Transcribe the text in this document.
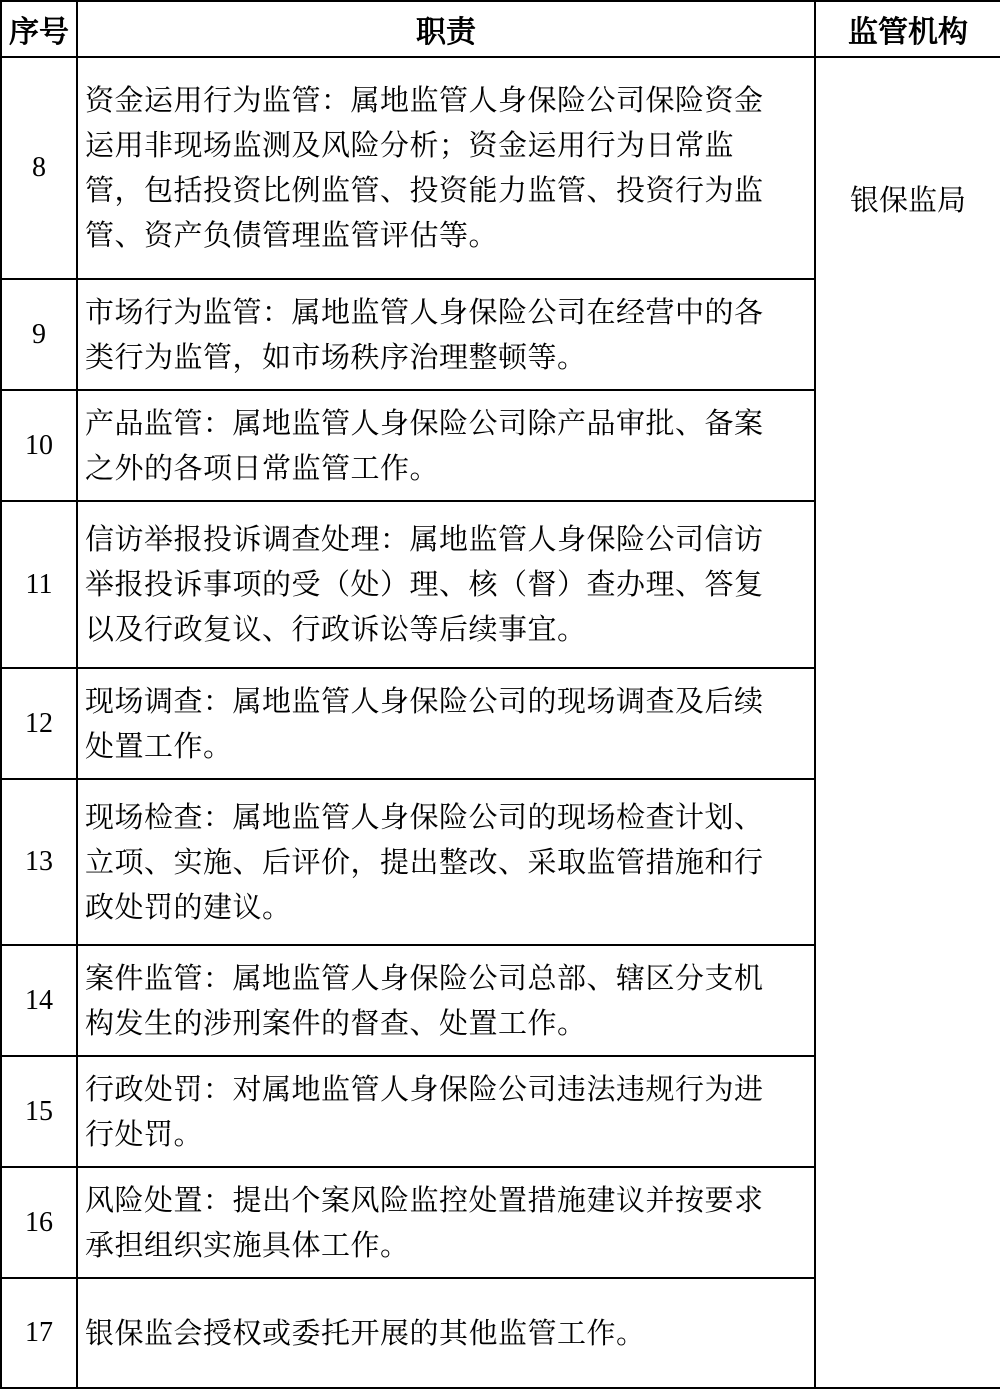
序号	职责	监管机构
8	资金运用行为监管：属地监管人身保险公司保险资金运用非现场监测及风险分析；资金运用行为日常监管，包括投资比例监管、投资能力监管、投资行为监管、资产负债管理监管评估等。	银保监局
9	市场行为监管：属地监管人身保险公司在经营中的各类行为监管，如市场秩序治理整顿等。	
10	产品监管：属地监管人身保险公司除产品审批、备案之外的各项日常监管工作。	
11	信访举报投诉调查处理：属地监管人身保险公司信访举报投诉事项的受（处）理、核（督）查办理、答复以及行政复议、行政诉讼等后续事宜。	
12	现场调查：属地监管人身保险公司的现场调查及后续处置工作。	
13	现场检查：属地监管人身保险公司的现场检查计划、立项、实施、后评价，提出整改、采取监管措施和行政处罚的建议。	
14	案件监管：属地监管人身保险公司总部、辖区分支机构发生的涉刑案件的督查、处置工作。	
15	行政处罚：对属地监管人身保险公司违法违规行为进行处罚。	
16	风险处置：提出个案风险监控处置措施建议并按要求承担组织实施具体工作。	
17	银保监会授权或委托开展的其他监管工作。	
